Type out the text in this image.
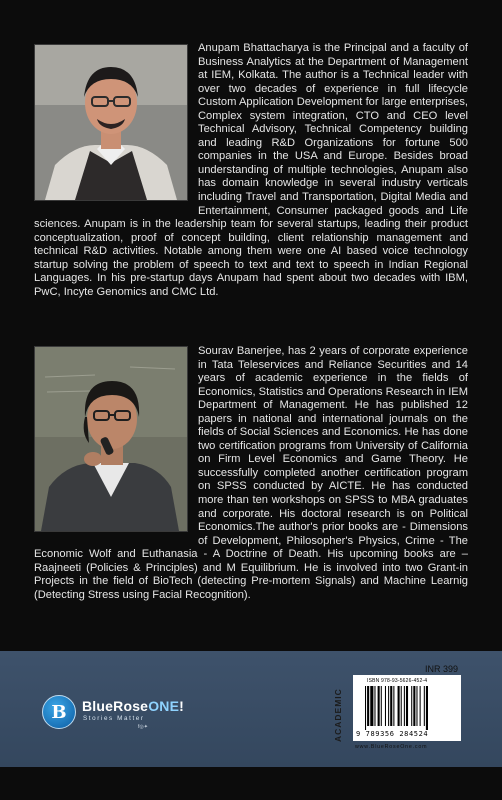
Anupam Bhattacharya is the Principal and a faculty of Business Analytics at the Department of Management at IEM, Kolkata. The author is a Technical leader with over two decades of experience in full lifecycle Custom Application Development for large enterprises, Complex system integration, CTO and CEO level Technical Advisory, Technical Competency building and leading R&D Organizations for fortune 500 companies in the USA and Europe. Besides broad understanding of multiple technologies, Anupam also has domain knowledge in several industry verticals including Travel and Transportation, Digital Media and Entertainment, Consumer packaged goods and Life sciences. Anupam is in the leadership team for several startups, leading their product conceptualization, proof of concept building, client relationship management and technical R&D activities. Notable among them were one AI based voice technology startup solving the problem of speech to text and text to speech in Indian Regional Languages. In his pre-startup days Anupam had spent about two decades with IBM, PwC, Incyte Genomics and CMC Ltd.

Sourav Banerjee, has 2 years of corporate experience in Tata Teleservices and Reliance Securities and 14 years of academic experience in the fields of Economics, Statistics and Operations Research in IEM Department of Management. He has published 12 papers in national and international journals on the fields of Social Sciences and Economics. He has done two certification programs from University of California on Firm Level Economics and Game Theory. He successfully completed another certification program on SPSS conducted by AICTE. He has conducted more than ten workshops on SPSS to MBA graduates and corporate. His doctoral research is on Political Economics.The author's prior books are - Dimensions of Development, Philosopher's Physics, Crime - The Economic Wolf and Euthanasia - A Doctrine of Death. His upcoming books are – Raajneeti (Policies & Principles) and M Equilibrium. He is involved into two Grant-in Projects in the field of BioTech (detecting Pre-mortem Signals) and Machine Learnig (Detecting Stress using Facial Recognition).

B	BlueRoseONE!
Stories Matter
f◎✦	ACADEMIC
INR 399
ISBN 978-93-5626-452-4
9 789356 284524
www.BlueRoseOne.com
